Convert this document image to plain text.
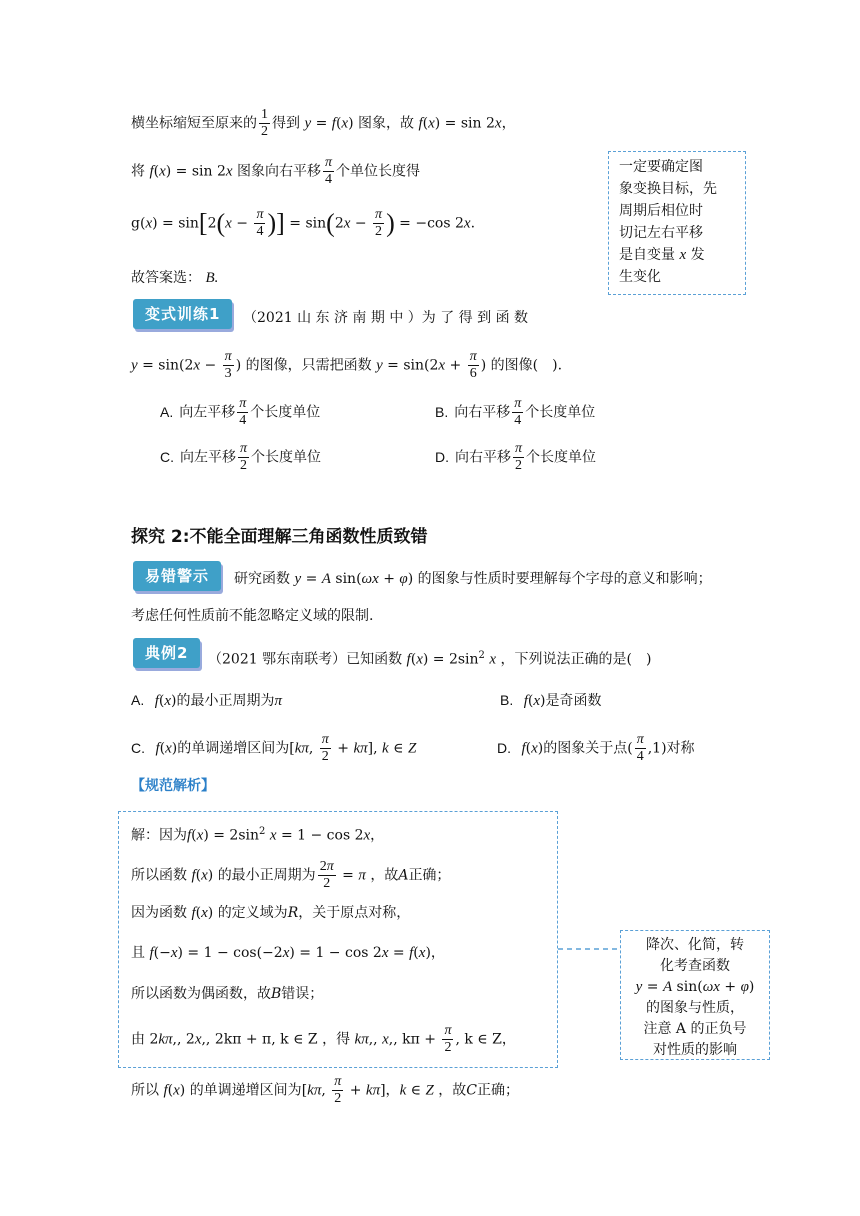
横坐标缩短至原来的 $\frac{1}{2}$ 得到 y = f(x) 图象，故 f(x) = sin 2x，
将 f(x) = sin 2x 图象向右平移 $\frac{\pi}{4}$ 个单位长度得
$g(x) = \sin[2(x - \frac{\pi}{4}$ )] = $\sin(2x - \frac{\pi}{2}$ ) = −cos 2x.
故答案选： B.
一定要确定图
象变换目标，先
周期后相位时
切记左右平移
是自变量 x 发
生变化
变式训练1	（2021 山 东 济 南 期 中 ）为 了 得 到 函 数
$y = \sin(2x - \frac{\pi}{3}$ ) 的图像，只需把函数 $y = \sin(2x + \frac{\pi}{6}$ ) 的图像(　).
A. 向左平移 $\frac{\pi}{4}$ 个长度单位	B. 向右平移 $\frac{\pi}{4}$ 个长度单位
C. 向左平移 $\frac{\pi}{2}$ 个长度单位	D. 向右平移 $\frac{\pi}{2}$ 个长度单位
探究 2:不能全面理解三角函数性质致错
易错警示	研究函数 y = A sin(ωx + φ) 的图象与性质时要理解每个字母的意义和影响；
考虑任何性质前不能忽略定义域的限制.
典例2	（2021 鄂东南联考）已知函数 $f(x) = 2\sin^2$ x ，下列说法正确的是(　)
A. f(x)的最小正周期为π	B. f(x)是奇函数
C. f(x)的单调递增区间为[kπ, $\frac{\pi}{2} + k\pi$], k ∈ Z	D. f(x)的图象关于点( $\frac{\pi}{4} ,1$)对称
【规范解析】
解：因为$f(x) = 2\sin^2$ x = 1 − cos 2x，
所以函数 f(x) 的最小正周期为 $\frac{2\pi}{2} = \pi$ ，故A正确；
因为函数 f(x) 的定义域为R，关于原点对称，
且 f(−x) = 1 − cos(−2x) = 1 − cos 2x = f(x)，
所以函数为偶函数，故B错误；
由 2kπ,, 2x,, 2kπ + π, k ∈ Z ，得 kπ,, x,, $k\pi + \frac{\pi}{2}$ , k ∈ Z，
所以 f(x) 的单调递增区间为[kπ, $\frac{\pi}{2} + k\pi$]，k ∈ Z ，故C正确；
降次、化简，转
化考查函数
y = A sin(ωx + φ)
的图象与性质，
注意 A 的正负号
对性质的影响
